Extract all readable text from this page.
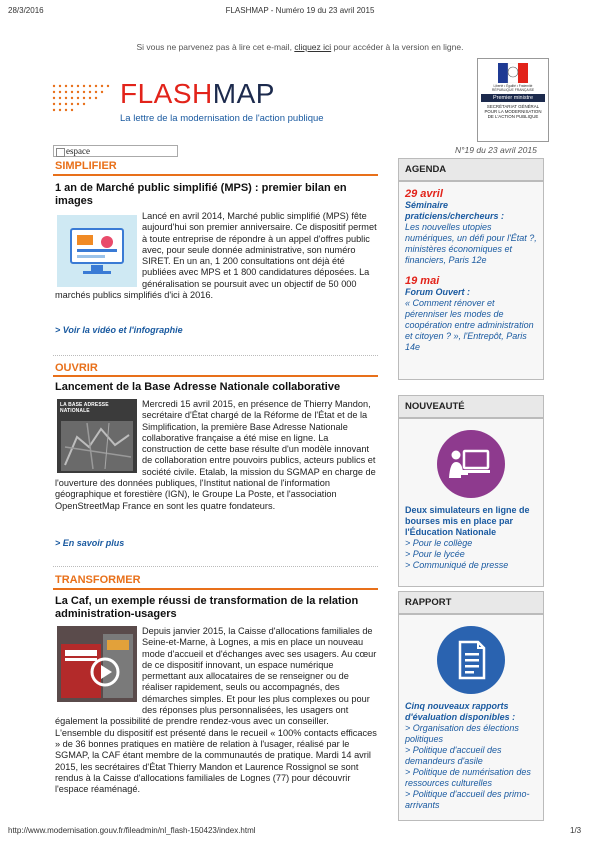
28/3/2016	FLASHMAP - Numéro 19 du 23 avril 2015
Si vous ne parvenez pas à lire cet e-mail, cliquez ici pour accéder à la version en ligne.
FLASHMAP
La lettre de la modernisation de l'action publique
Liberté • Égalité • Fraternité
RÉPUBLIQUE FRANÇAISE
Premier ministre
SECRÉTARIAT GÉNÉRAL POUR LA MODERNISATION DE L'ACTION PUBLIQUE
N°19 du 23 avril 2015
espace
SIMPLIFIER
1 an de Marché public simplifié (MPS) : premier bilan en images
Lancé en avril 2014, Marché public simplifié (MPS) fête aujourd'hui son premier anniversaire. Ce dispositif permet à toute entreprise de répondre à un appel d'offres public avec, pour seule donnée administrative, son numéro SIRET. En un an, 1 200 consultations ont déjà été publiées avec MPS et 1 800 candidatures déposées. La généralisation se poursuit avec un objectif de 50 000 marchés publics simplifiés d'ici à 2016.
> Voir la vidéo et l'infographie
OUVRIR
Lancement de la Base Adresse Nationale collaborative
LA BASE ADRESSE NATIONALE
Mercredi 15 avril 2015, en présence de Thierry Mandon, secrétaire d'État chargé de la Réforme de l'État et de la Simplification, la première Base Adresse Nationale collaborative française a été mise en ligne. La construction de cette base résulte d'un modèle innovant de collaboration entre pouvoirs publics, acteurs publics et société civile. Etalab, la mission du SGMAP en charge de l'ouverture des données publiques, l'Institut national de l'information géographique et forestière (IGN), le Groupe La Poste, et l'association OpenStreetMap France en sont les quatre fondateurs.
> En savoir plus
TRANSFORMER
La Caf, un exemple réussi de transformation de la relation administration-usagers
Depuis janvier 2015, la Caisse d'allocations familiales de Seine-et-Marne, à Lognes, a mis en place un nouveau mode d'accueil et d'échanges avec ses usagers. Au cœur de ce dispositif innovant, un espace numérique permettant aux allocataires de se renseigner ou de réaliser rapidement, seuls ou accompagnés, des démarches simples. Et pour les plus complexes ou pour des réponses plus personnalisées, les usagers ont également la possibilité de prendre rendez-vous avec un conseiller. L'ensemble du dispositif est présenté dans le recueil « 100% contacts efficaces » de 36 bonnes pratiques en matière de relation à l'usager, réalisé par le SGMAP, la CAF étant membre de la communautés de pratique. Mardi 14 avril 2015, les secrétaires d'État Thierry Mandon et Laurence Rossignol se sont rendus à la Caisse d'allocations familiales de Lognes (77) pour découvrir l'espace réaménagé.
AGENDA
29 avril
Séminaire praticiens/chercheurs :
Les nouvelles utopies numériques, un défi pour l'État ?, ministères économiques et financiers, Paris 12e
19 mai
Forum Ouvert :
« Comment rénover et pérenniser les modes de coopération entre administration et citoyen ? », l'Entrepôt, Paris 14e
NOUVEAUTÉ
Deux simulateurs en ligne de bourses mis en place par l'Éducation Nationale
> Pour le collège
> Pour le lycée
> Communiqué de presse
RAPPORT
Cinq nouveaux rapports d'évaluation disponibles :
> Organisation des élections politiques
> Politique d'accueil des demandeurs d'asile
> Politique de numérisation des ressources culturelles
> Politique d'accueil des primo-arrivants
http://www.modernisation.gouv.fr/fileadmin/nl_flash-150423/index.html	1/3
